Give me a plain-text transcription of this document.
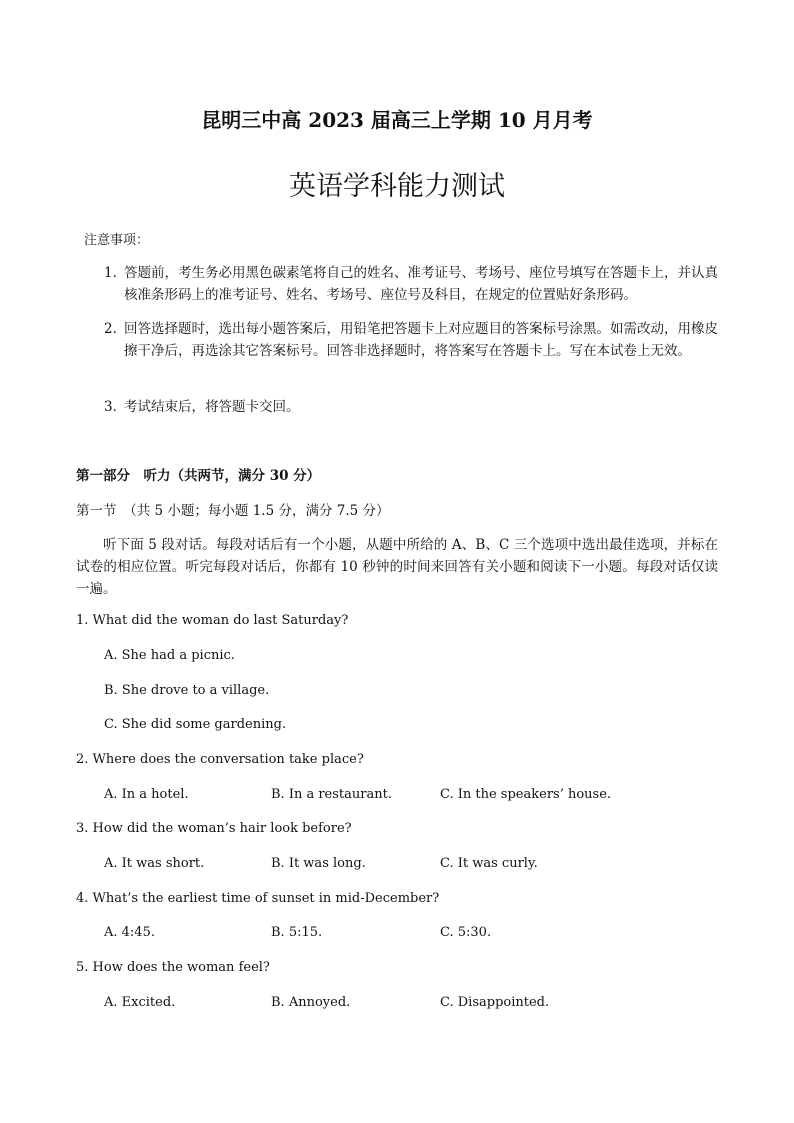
昆明三中高 2023 届高三上学期 10 月月考
英语学科能力测试
注意事项：
1．
答题前，考生务必用黑色碳素笔将自己的姓名、准考证号、考场号、座位号填写在答题卡上，并认真核准条形码上的准考证号、姓名、考场号、座位号及科目，在规定的位置贴好条形码。
2．
回答选择题时，选出每小题答案后，用铅笔把答题卡上对应题目的答案标号涂黑。如需改动，用橡皮擦干净后，再选涂其它答案标号。回答非选择题时，将答案写在答题卡上。写在本试卷上无效。
3．
考试结束后，将答题卡交回。
第一部分　听力（共两节，满分 30 分）
第一节　（共 5 小题；每小题 1.5 分，满分 7.5 分）
听下面 5 段对话。每段对话后有一个小题，从题中所给的 A、B、C 三个选项中选出最佳选项，并标在试卷的相应位置。听完每段对话后，你都有 10 秒钟的时间来回答有关小题和阅读下一小题。每段对话仅读一遍。
1. What did the woman do last Saturday?
A. She had a picnic.
B. She drove to a village.
C. She did some gardening.
2. Where does the conversation take place?
A. In a hotel.	B. In a restaurant.	C. In the speakers’ house.
3. How did the woman’s hair look before?
A. It was short.	B. It was long.	C. It was curly.
4. What’s the earliest time of sunset in mid-December?
A. 4:45.	B. 5:15.	C. 5:30.
5. How does the woman feel?
A. Excited.	B. Annoyed.	C. Disappointed.
